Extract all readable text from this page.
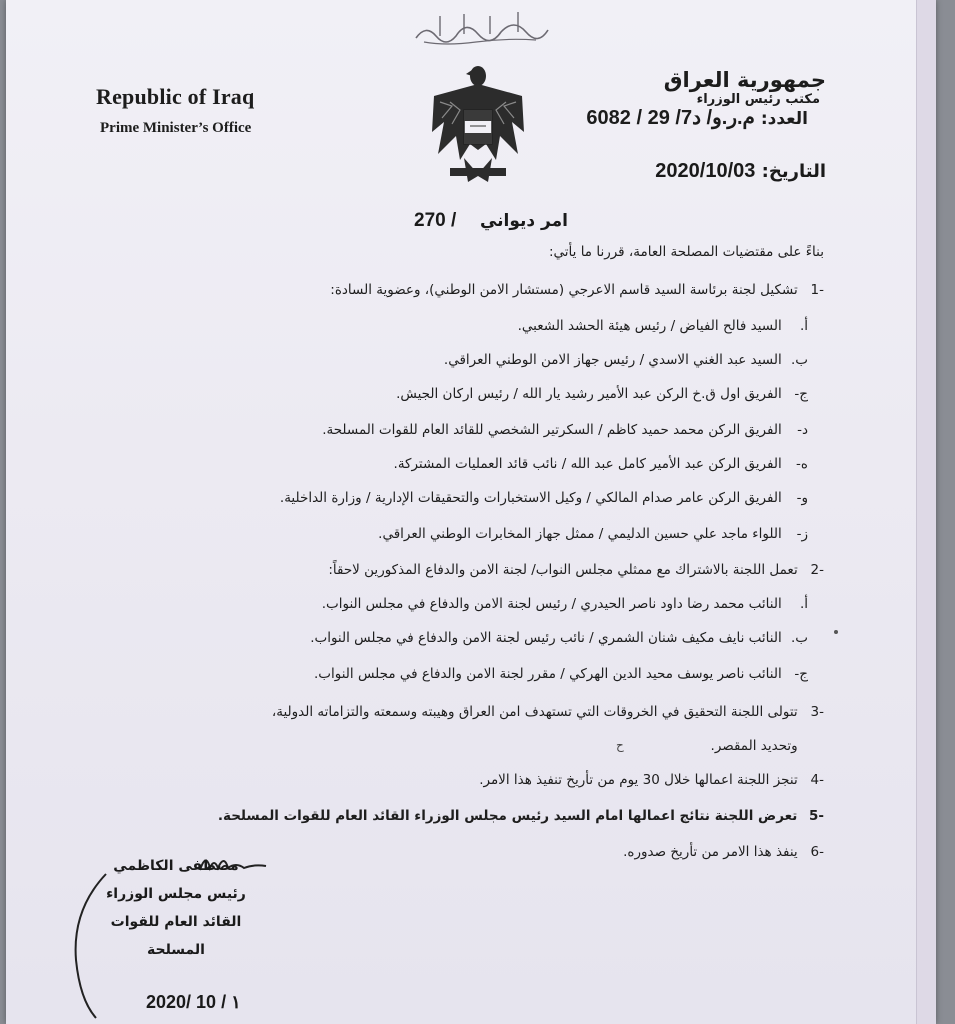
Republic of Iraq
Prime Minister’s Office
جمهورية العراق
مكتب رئيس الوزراء
العدد: م.ر.و/ د7/ 29 / 6082
التاريخ: 2020/10/03
امر ديواني    / 270
بناءً على مقتضيات المصلحة العامة، قررنا ما يأتي:
-1 تشكيل لجنة برئاسة السيد قاسم الاعرجي (مستشار الامن الوطني)، وعضوية السادة:
أ. السيد فالح الفياض / رئيس هيئة الحشد الشعبي.
ب. السيد عبد الغني الاسدي / رئيس جهاز الامن الوطني العراقي.
ج- الفريق اول ق.خ الركن عبد الأمير رشيد يار الله / رئيس اركان الجيش.
د- الفريق الركن محمد حميد كاظم / السكرتير الشخصي للقائد العام للقوات المسلحة.
ه- الفريق الركن عبد الأمير كامل عبد الله / نائب قائد العمليات المشتركة.
و- الفريق الركن عامر صدام المالكي / وكيل الاستخبارات والتحقيقات الإدارية / وزارة الداخلية.
ز- اللواء ماجد علي حسين الدليمي / ممثل جهاز المخابرات الوطني العراقي.
-2 تعمل اللجنة بالاشتراك مع ممثلي مجلس النواب/ لجنة الامن والدفاع المذكورين لاحقاً:
أ. النائب محمد رضا داود ناصر الحيدري / رئيس لجنة الامن والدفاع في مجلس النواب.
ب. النائب نايف مكيف شنان الشمري / نائب رئيس لجنة الامن والدفاع في مجلس النواب.
ج- النائب ناصر يوسف محيد الدين الهركي / مقرر لجنة الامن والدفاع في مجلس النواب.
-3 تتولى اللجنة التحقيق في الخروقات التي تستهدف امن العراق وهيبته وسمعته والتزاماته الدولية،
وتحديد المقصر.
-4 تنجز اللجنة اعمالها خلال 30 يوم من تأريخ تنفيذ هذا الامر.
-5 تعرض اللجنة نتائج اعمالها امام السيد رئيس مجلس الوزراء القائد العام للقوات المسلحة.
-6 ينفذ هذا الامر من تأريخ صدوره.
ح
مصطفى الكاظمي
رئيس مجلس الوزراء
القائد العام للقوات المسلحة
2020/ 10 / ١
